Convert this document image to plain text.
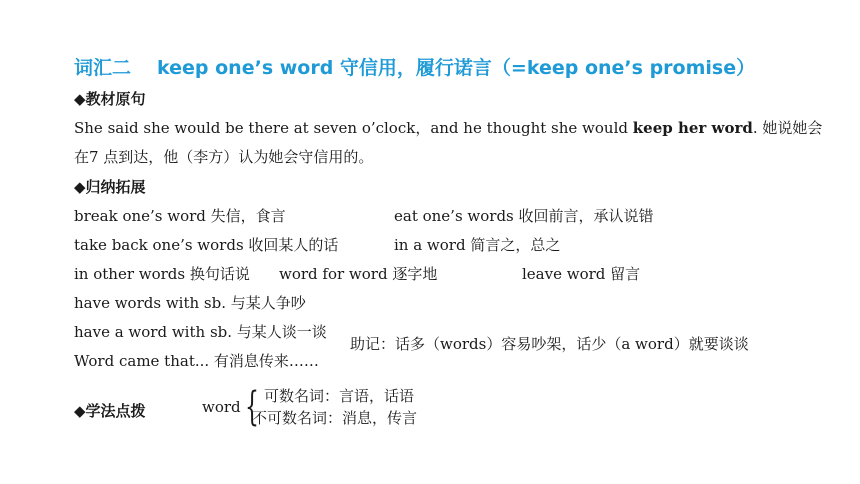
词汇二 keep one’s word 守信用，履行诺言（=keep one’s promise）
◆教材原句
She said she would be there at seven o’clock，and he thought she would keep her word. 她说她会
在7 点到达，他（李方）认为她会守信用的。
◆归纳拓展
break one’s word 失信，食言	eat one’s words 收回前言，承认说错
take back one’s words 收回某人的话	in a word 简言之，总之
in other words 换句话说 word for word 逐字地	leave word 留言
have words with sb. 与某人争吵
have a word with sb. 与某人谈一谈
Word came that... 有消息传来……
助记：话多（words）容易吵架，话少（a word）就要谈谈
◆学法点拨	word { 可数名词：言语，话语
不可数名词：消息，传言
